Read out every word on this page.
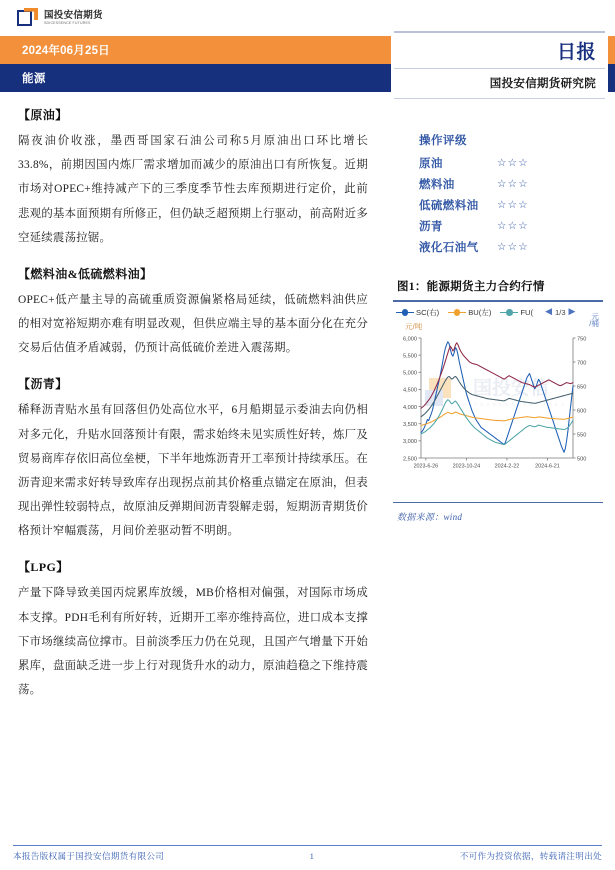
国投安信期货
SDICESSENCE FUTURES
2024年06月25日
能源
日报
国投安信期货研究院
【原油】
隔夜油价收涨，墨西哥国家石油公司称5月原油出口环比增长33.8%，前期因国内炼厂需求增加而减少的原油出口有所恢复。近期市场对OPEC+维持减产下的三季度季节性去库预期进行定价，此前悲观的基本面预期有所修正，但仍缺乏超预期上行驱动，前高附近多空延续震荡拉锯。
【燃料油&低硫燃料油】
OPEC+低产量主导的高硫重质资源偏紧格局延续，低硫燃料油供应的相对宽裕短期亦难有明显改观，但供应端主导的基本面分化在充分交易后估值矛盾减弱，仍预计高低硫价差进入震荡期。
【沥青】
稀释沥青贴水虽有回落但仍处高位水平，6月船期显示委油去向仍相对多元化，升贴水回落预计有限，需求始终未见实质性好转，炼厂及贸易商库存依旧高位垒梗，下半年地炼沥青开工率预计持续承压。在沥青迎来需求好转导致库存出现拐点前其价格重点锚定在原油，但表现出弹性较弱特点，故原油反弹期间沥青裂解走弱，短期沥青期货价格预计窄幅震荡，月间价差驱动暂不明朗。
【LPG】
产量下降导致美国丙烷累库放缓，MB价格相对偏强，对国际市场成本支撑。PDH毛利有所好转，近期开工率亦维持高位，进口成本支撑下市场继续高位撑市。目前淡季压力仍在兑现，且国产气增量下开始累库，盘面缺乏进一步上行对现货升水的动力，原油趋稳之下维持震荡。
操作评级
原油	☆☆☆
燃料油	☆☆☆
低硫燃料油	☆☆☆
沥青	☆☆☆
液化石油气	☆☆☆
图1：能源期货主力合约行情
SC(右)	BU(左)	FU( ◀ 1/3 ▶
元/吨
元
/桶
国投安信
S D I C E S S E N C E F U T U R E S
6,000
5,500
5,000
4,500
4,000
3,500
3,000
2,500
750
700
650
600
550
500
2023-6-26	2023-10-24	2024-2-22	2024-6-21
数据来源：wind
本报告版权属于国投安信期货有限公司	1	不可作为投资依据，转载请注明出处
